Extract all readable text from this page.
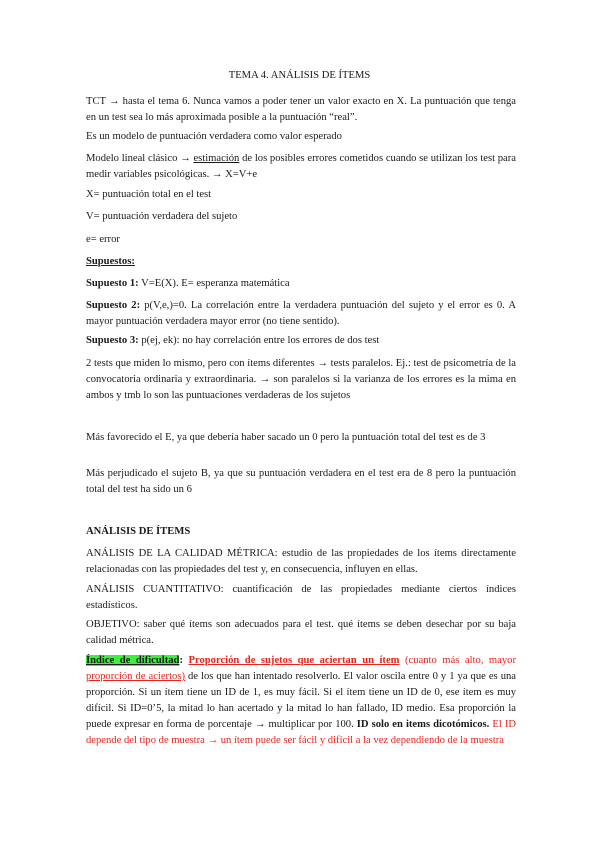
TEMA 4. ANÁLISIS DE ÍTEMS

TCT → hasta el tema 6. Nunca vamos a poder tener un valor exacto en X. La puntuación que tenga en un test sea lo más aproximada posible a la puntuación “real”.

Es un modelo de puntuación verdadera como valor esperado

Modelo lineal clásico → estimación de los posibles errores cometidos cuando se utilizan los test para medir variables psicológicas. → X=V+e

X= puntuación total en el test

V= puntuación verdadera del sujeto

e= error

Supuestos:

Supuesto 1: V=E(X). E= esperanza matemática

Supuesto 2: p(V,e,)=0. La correlación entre la verdadera puntuación del sujeto y el error es 0. A mayor puntuación verdadera mayor error (no tiene sentido).

Supuesto 3: p(ej, ek): no hay correlación entre los errores de dos test

2 tests que miden lo mismo, pero con ítems diferentes → tests paralelos. Ej.: test de psicometría de la convocatoria ordinaria y extraordinaria. → son paralelos si la varianza de los errores es la mima en ambos y tmb lo son las puntuaciones verdaderas de los sujetos

Más favorecido el E, ya que debería haber sacado un 0 pero la puntuación total del test es de 3

Más perjudicado el sujeto B, ya que su puntuación verdadera en el test era de 8 pero la puntuación total del test ha sido un 6

ANÁLISIS DE ÍTEMS

ANÁLISIS DE LA CALIDAD MÉTRICA: estudio de las propiedades de los ítems directamente relacionadas con las propiedades del test y, en consecuencia, influyen en ellas.

ANÁLISIS CUANTITATIVO: cuantificación de las propiedades mediante ciertos índices estadísticos.

OBJETIVO: saber qué ítems son adecuados para el test. qué ítems se deben desechar por su baja calidad métrica.

Índice de dificultad: Proporción de sujetos que aciertan un ítem (cuanto más alto, mayor proporción de aciertos) de los que han intentado resolverlo. El valor oscila entre 0 y 1 ya que es una proporción. Si un ítem tiene un ID de 1, es muy fácil. Si el ítem tiene un ID de 0, ese ítem es muy difícil. Si ID=0’5, la mitad lo han acertado y la mitad lo han fallado, ID medio. Esa proporción la puede expresar en forma de porcentaje → multiplicar por 100. ID solo en items dicotómicos. El ID depende del tipo de muestra → un ítem puede ser fácil y difícil a la vez dependiendo de la muestra
